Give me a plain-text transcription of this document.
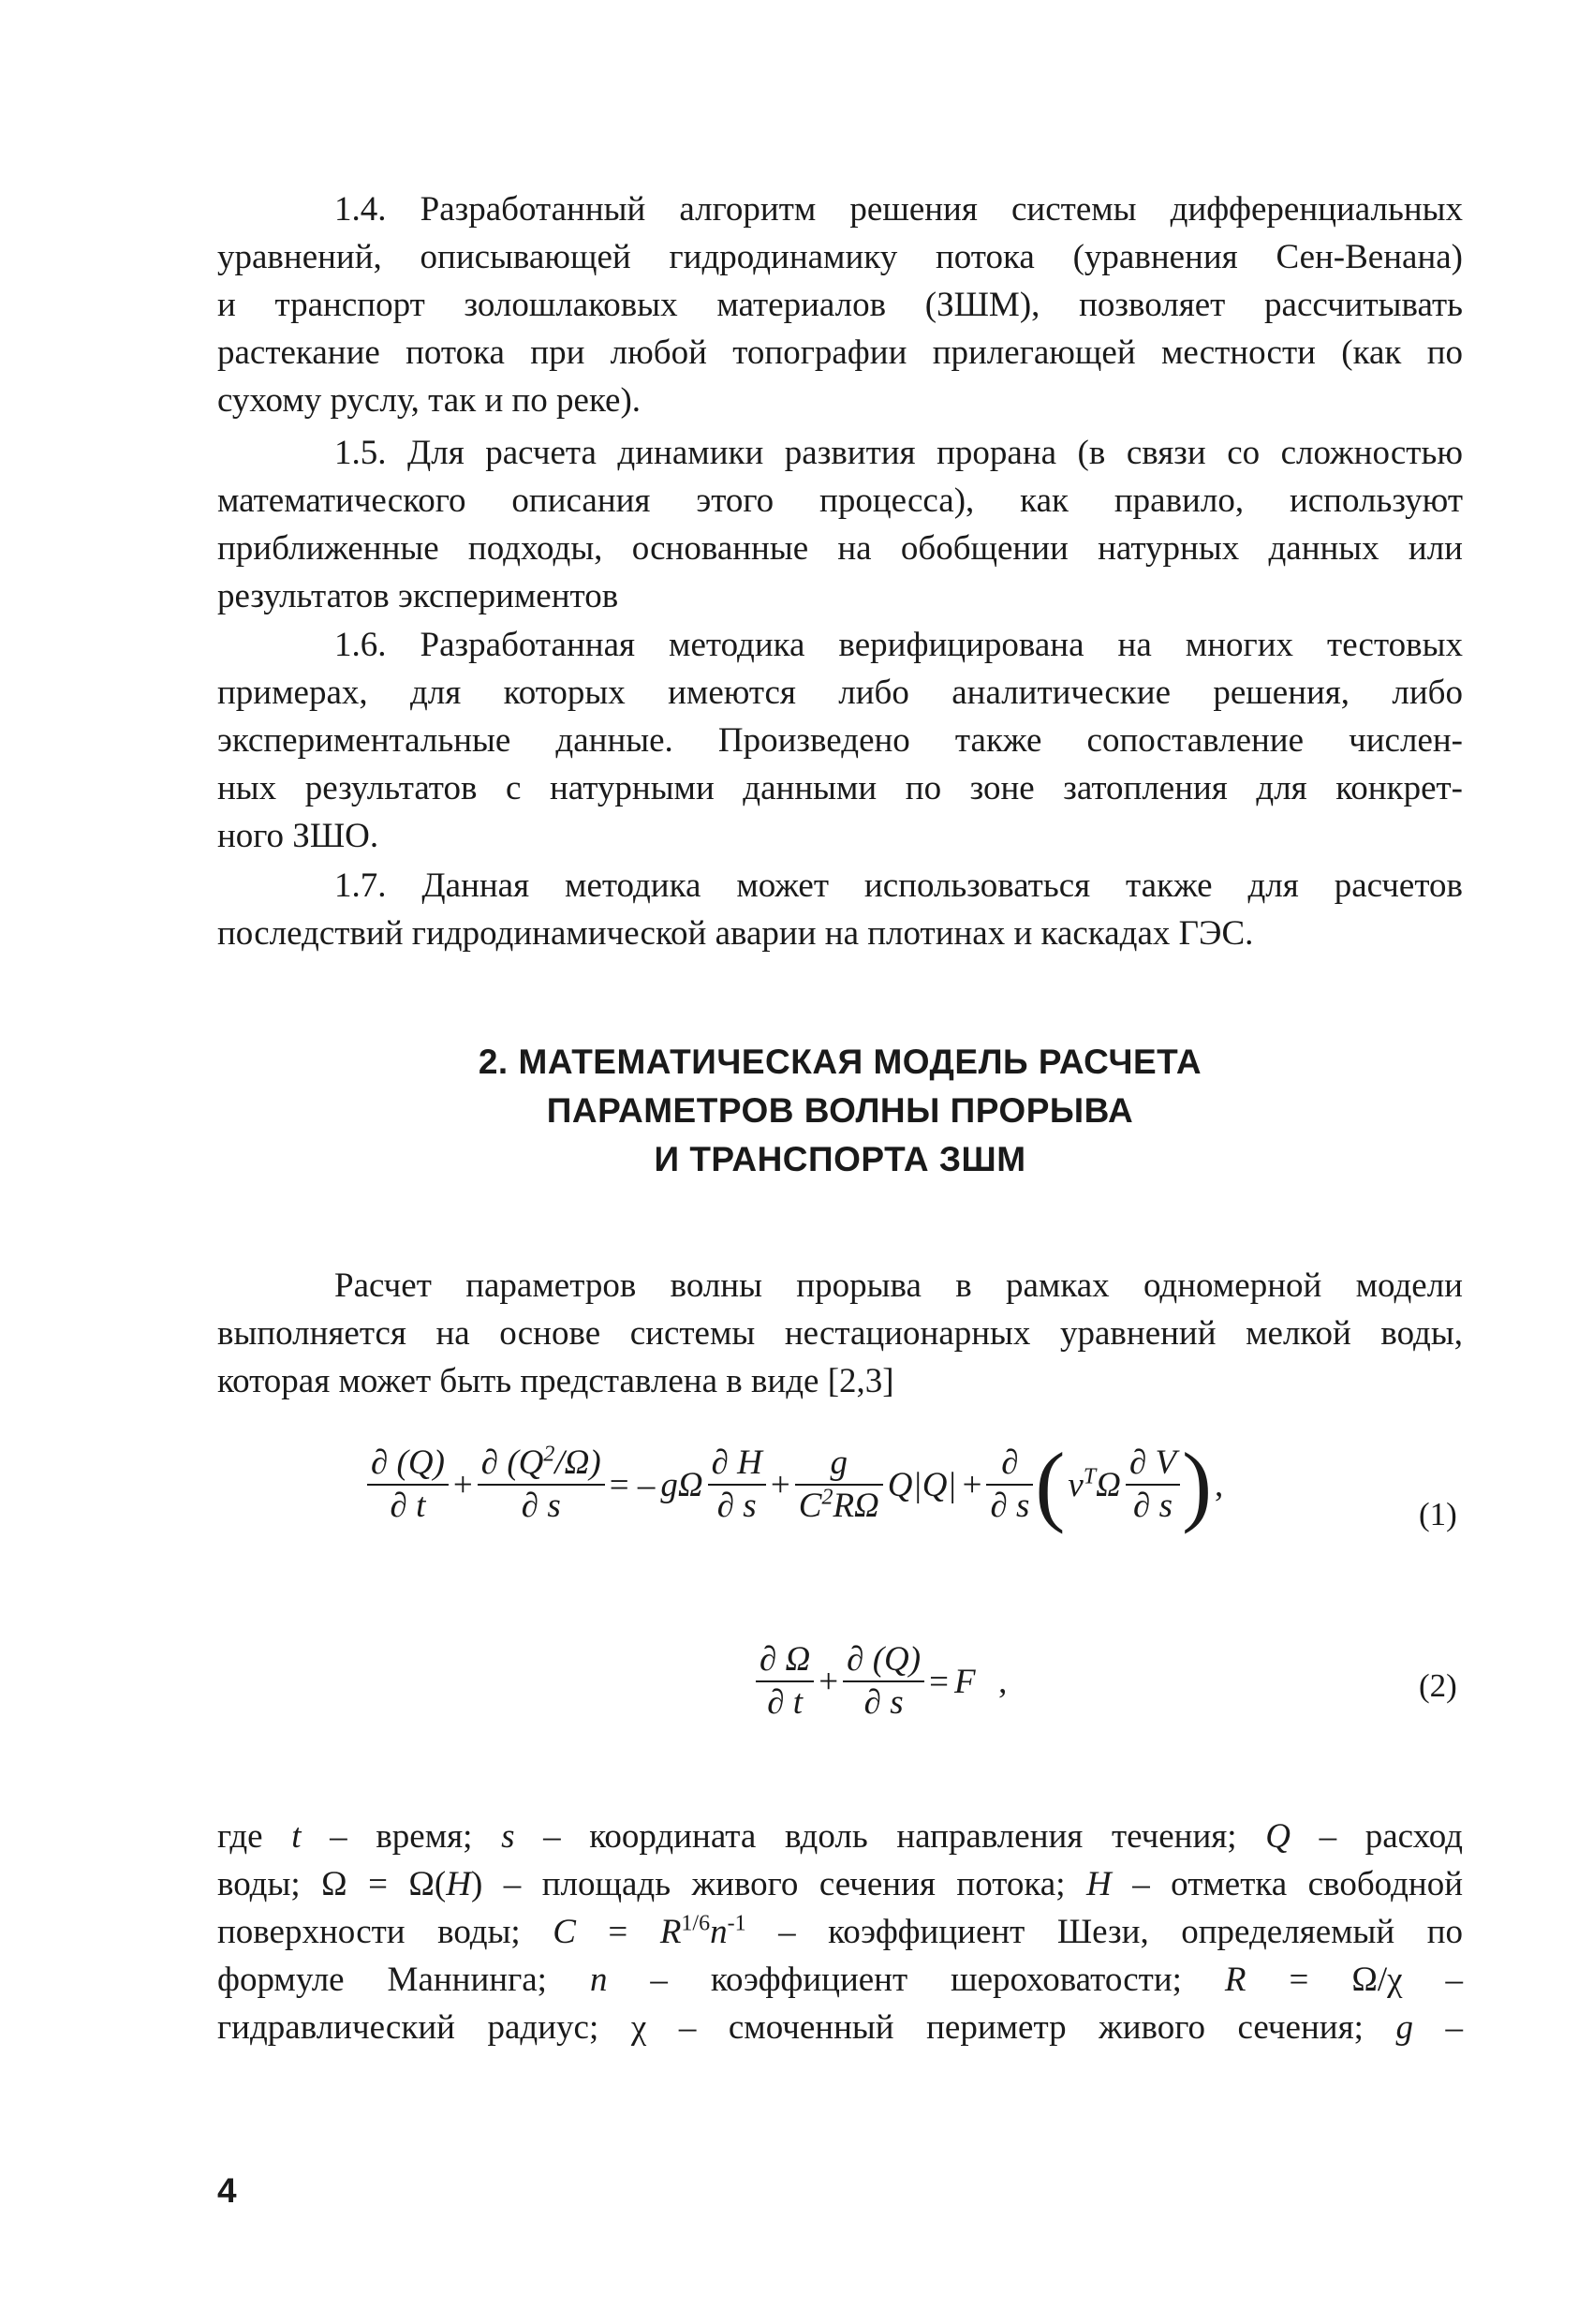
1.4. Разработанный алгоритм решения системы дифференциальных
уравнений, описывающей гидродинамику потока (уравнения Сен-Венана)
и транспорт золошлаковых материалов (ЗШМ), позволяет рассчитывать
растекание потока при любой топографии прилегающей местности (как по
сухому руслу, так и по реке).

1.5. Для расчета динамики развития прорана (в связи со сложностью
математического описания этого процесса), как правило, используют
приближенные подходы, основанные на обобщении натурных данных или
результатов экспериментов

1.6. Разработанная методика верифицирована на многих тестовых
примерах, для которых имеются либо аналитические решения, либо
экспериментальные данные. Произведено также сопоставление числен-
ных результатов с натурными данными по зоне затопления для конкрет-
ного ЗШО.

1.7. Данная методика может использоваться также для расчетов
последствий гидродинамической аварии на плотинах и каскадах ГЭС.

2. МАТЕМАТИЧЕСКАЯ МОДЕЛЬ РАСЧЕТА
ПАРАМЕТРОВ ВОЛНЫ ПРОРЫВА
И ТРАНСПОРТА ЗШМ

Расчет параметров волны прорыва в рамках одномерной модели
выполняется на основе системы нестационарных уравнений мелкой воды,
которая может быть представлена в виде [2,3]

$\frac{\partial (Q)}{\partial t} + \frac{\partial (Q^2/\Omega)}{\partial s}$ = – gΩ $\frac{\partial H}{\partial s} + \frac{g}{C^2R\Omega} Q|Q| + \frac{\partial}{\partial s} (\nu^T\Omega \frac{\partial V}{\partial s}$ ),
(1)
$\frac{\partial \Omega}{\partial t} + \frac{\partial (Q)}{\partial s} = F$  ,	(2)

где t – время; s – координата вдоль направления течения; Q – расход
воды; Ω = Ω(H) – площадь живого сечения потока; H – отметка свободной
поверхности воды; $C = R^{1/6}n^{-1}$ – коэффициент Шези, определяемый по
формуле Маннинга; n – коэффициент шероховатости; R = Ω/χ –
гидравлический радиус; χ – смоченный периметр живого сечения; g –

4
